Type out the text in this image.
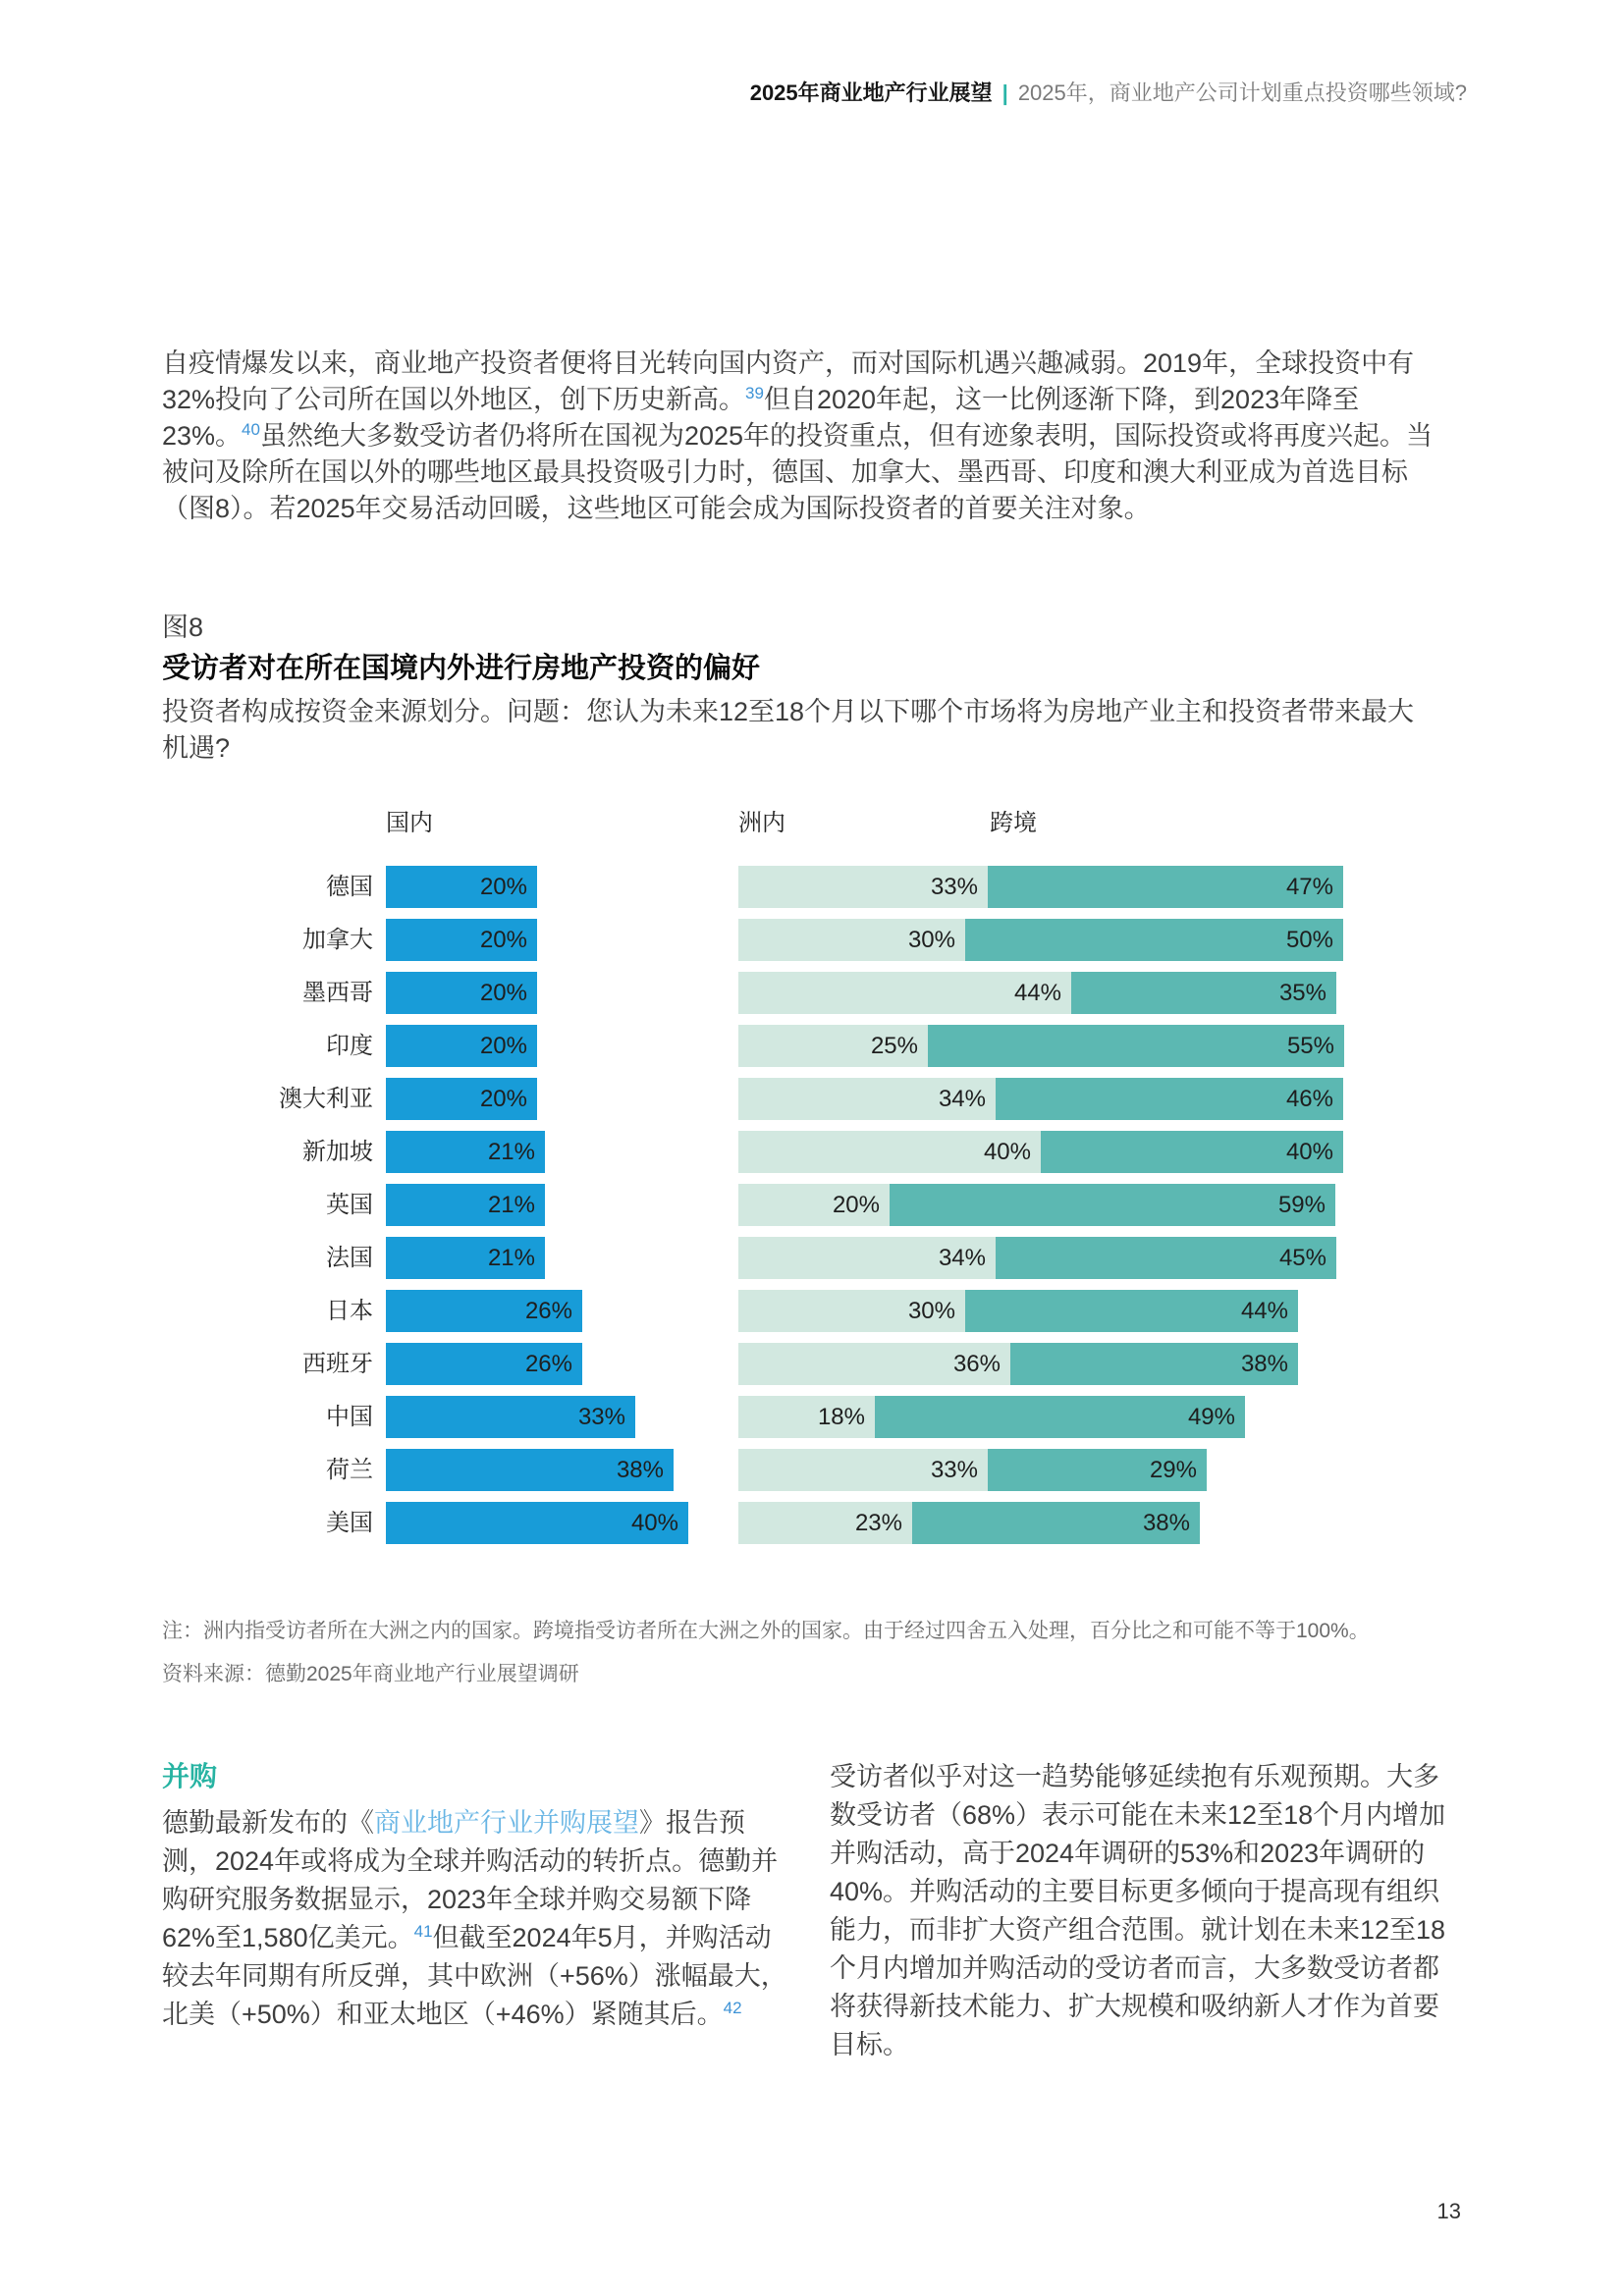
2025年商业地产行业展望 | 2025年，商业地产公司计划重点投资哪些领域?

自疫情爆发以来，商业地产投资者便将目光转向国内资产，而对国际机遇兴趣减弱。2019年，全球投资中有32%投向了公司所在国以外地区，创下历史新高。$^{39}$但自2020年起，这一比例逐渐下降，到2023年降至23%。$^{40}$虽然绝大多数受访者仍将所在国视为2025年的投资重点，但有迹象表明，国际投资或将再度兴起。当被问及除所在国以外的哪些地区最具投资吸引力时，德国、加拿大、墨西哥、印度和澳大利亚成为首选目标（图8）。若2025年交易活动回暖，这些地区可能会成为国际投资者的首要关注对象。

图8

受访者对在所在国境内外进行房地产投资的偏好

投资者构成按资金来源划分。问题：您认为未来12至18个月以下哪个市场将为房地产业主和投资者带来最大机遇?

国内	洲内	跨境
德国	20%	33%	47%
加拿大	20%	30%	50%
墨西哥	20%	44%	35%
印度	20%	25%	55%
澳大利亚	20%	34%	46%
新加坡	21%	40%	40%
英国	21%	20%	59%
法国	21%	34%	45%
日本	26%	30%	44%
西班牙	26%	36%	38%
中国	33%	18%	49%
荷兰	38%	33%	29%
美国	40%	23%	38%

注：洲内指受访者所在大洲之内的国家。跨境指受访者所在大洲之外的国家。由于经过四舍五入处理，百分比之和可能不等于100%。

资料来源：德勤2025年商业地产行业展望调研

并购

德勤最新发布的《商业地产行业并购展望》报告预测，2024年或将成为全球并购活动的转折点。德勤并购研究服务数据显示，2023年全球并购交易额下降62%至1,580亿美元。$^{41}$但截至2024年5月，并购活动较去年同期有所反弹，其中欧洲（+56%）涨幅最大，北美（+50%）和亚太地区（+46%）紧随其后。$^{42}$

受访者似乎对这一趋势能够延续抱有乐观预期。大多数受访者（68%）表示可能在未来12至18个月内增加并购活动，高于2024年调研的53%和2023年调研的40%。并购活动的主要目标更多倾向于提高现有组织能力，而非扩大资产组合范围。就计划在未来12至18个月内增加并购活动的受访者而言，大多数受访者都将获得新技术能力、扩大规模和吸纳新人才作为首要目标。

13
